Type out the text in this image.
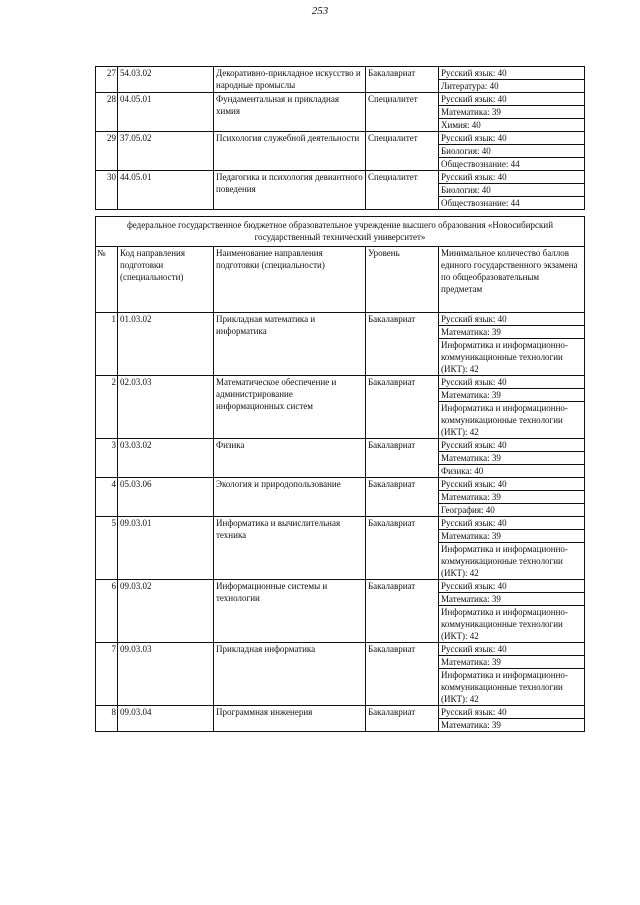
253
27	54.03.02	Декоративно-прикладное искусство и народные промыслы	Бакалавриат	Русский язык: 40
Литература: 40

28	04.05.01	Фундаментальная и прикладная химия	Специалитет	Русский язык: 40
Математика: 39
Химия: 40

29	37.05.02	Психология служебной деятельности	Специалитет	Русский язык: 40
Биология: 40
Обществознание: 44

30	44.05.01	Педагогика и психология девиантного поведения	Специалитет	Русский язык: 40
Биология: 40
Обществознание: 44
федеральное государственное бюджетное образовательное учреждение высшего образования «Новосибирский государственный технический университет»				
№	Код направления подготовки (специальности)	Наименование направления подготовки (специальности)	Уровень	Минимальное количество баллов единого государственного экзамена по общеобразовательным предметам
1	01.03.02	Прикладная математика и информатика	Бакалавриат	Русский язык: 40
Математика: 39
Информатика и информационно-коммуникационные технологии (ИКТ): 42

2	02.03.03	Математическое обеспечение и администрирование информационных систем	Бакалавриат	Русский язык: 40
Математика: 39
Информатика и информационно-коммуникационные технологии (ИКТ): 42

3	03.03.02	Физика	Бакалавриат	Русский язык: 40
Математика: 39
Физика: 40

4	05.03.06	Экология и природопользование	Бакалавриат	Русский язык: 40
Математика: 39
География: 40

5	09.03.01	Информатика и вычислительная техника	Бакалавриат	Русский язык: 40
Математика: 39
Информатика и информационно-коммуникационные технологии (ИКТ): 42

6	09.03.02	Информационные системы и технологии	Бакалавриат	Русский язык: 40
Математика: 39
Информатика и информационно-коммуникационные технологии (ИКТ): 42

7	09.03.03	Прикладная информатика	Бакалавриат	Русский язык: 40
Математика: 39
Информатика и информационно-коммуникационные технологии (ИКТ): 42

8	09.03.04	Программная инженерия	Бакалавриат	Русский язык: 40
Математика: 39
